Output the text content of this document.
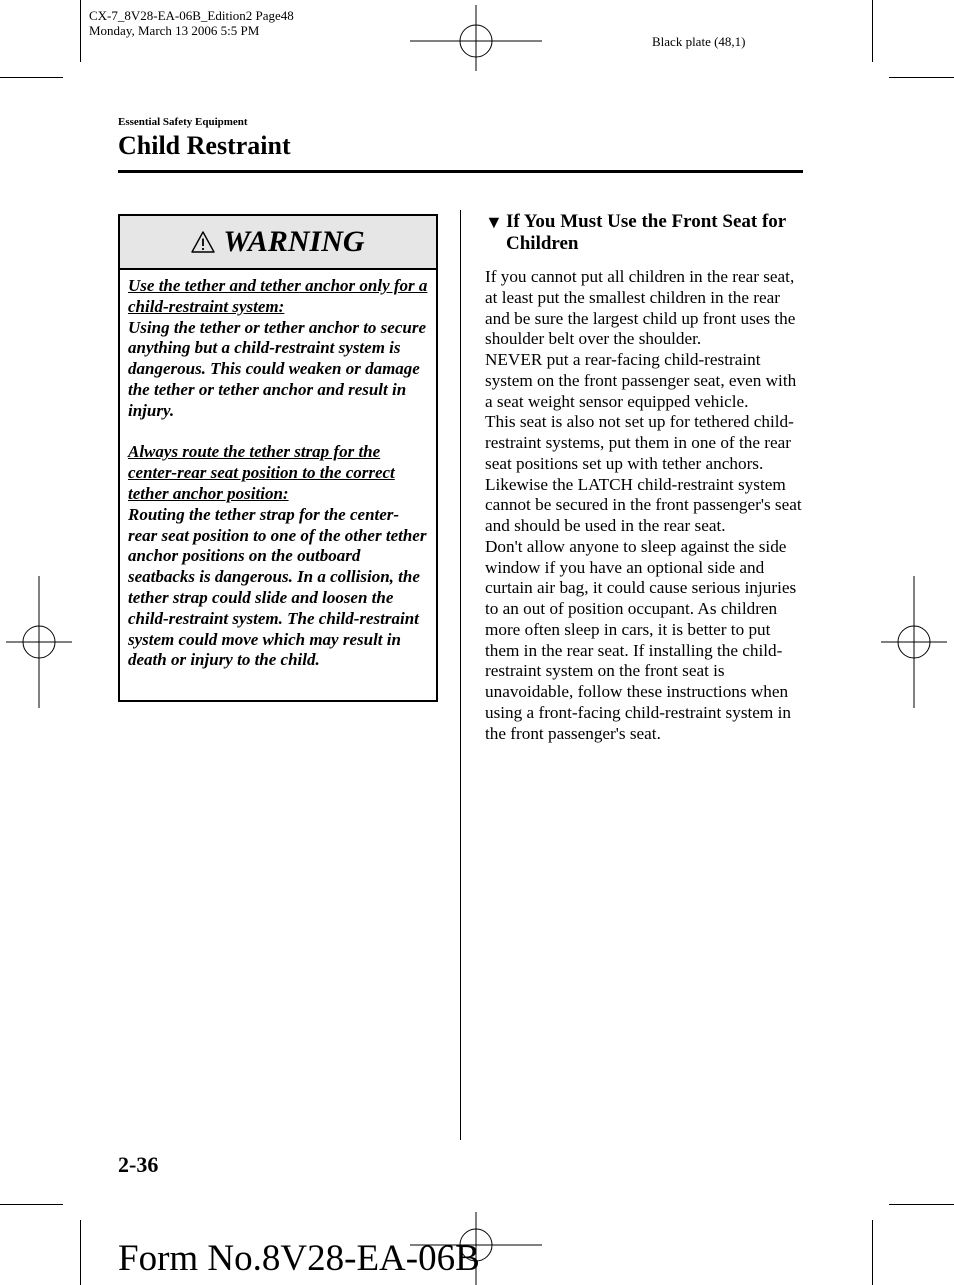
CX-7_8V28-EA-06B_Edition2 Page48
Monday, March 13 2006 5:5 PM
Black plate (48,1)
Essential Safety Equipment
Child Restraint
WARNING

Use the tether and tether anchor only for a child-restraint system:

Using the tether or tether anchor to secure anything but a child-restraint system is dangerous. This could weaken or damage the tether or tether anchor and result in injury.

Always route the tether strap for the center-rear seat position to the correct tether anchor position:

Routing the tether strap for the center-rear seat position to one of the other tether anchor positions on the outboard seatbacks is dangerous. In a collision, the tether strap could slide and loosen the child-restraint system. The child-restraint system could move which may result in death or injury to the child.

▼ If You Must Use the Front Seat for Children

If you cannot put all children in the rear seat, at least put the smallest children in the rear and be sure the largest child up front uses the shoulder belt over the shoulder.

NEVER put a rear-facing child-restraint system on the front passenger seat, even with a seat weight sensor equipped vehicle.

This seat is also not set up for tethered child-restraint systems, put them in one of the rear seat positions set up with tether anchors.

Likewise the LATCH child-restraint system cannot be secured in the front passenger's seat and should be used in the rear seat.

Don't allow anyone to sleep against the side window if you have an optional side and curtain air bag, it could cause serious injuries to an out of position occupant. As children more often sleep in cars, it is better to put them in the rear seat. If installing the child-restraint system on the front seat is unavoidable, follow these instructions when using a front-facing child-restraint system in the front passenger's seat.

2-36
Form No.8V28-EA-06B
